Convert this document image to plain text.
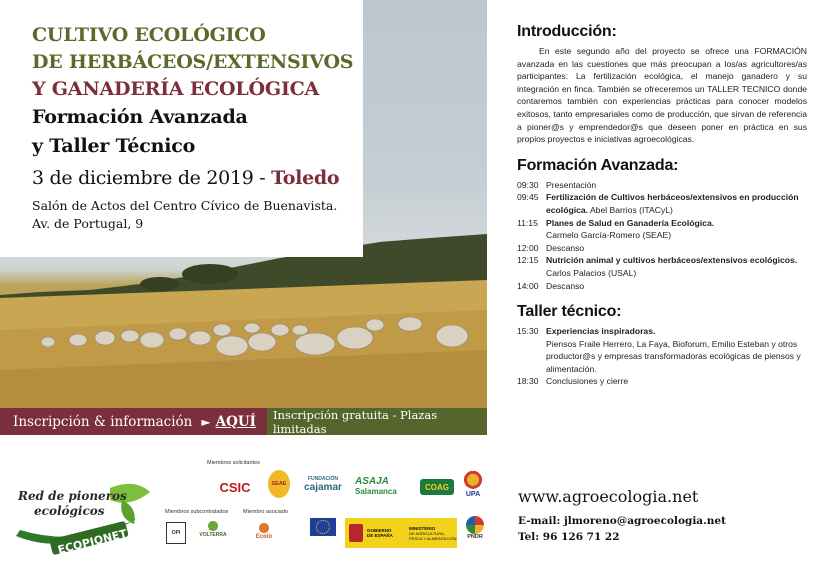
CULTIVO ECOLÓGICO
DE HERBÁCEOS/EXTENSIVOS
Y GANADERÍA ECOLÓGICA
Formación Avanzada
y Taller Técnico
3 de diciembre de 2019 - Toledo
Salón de Actos del Centro Cívico de Buenavista.
Av. de Portugal, 9
Inscripción & información ► AQUÍ Inscripción gratuita - Plazas limitadas
Introducción:

En este segundo año del proyecto se ofrece una FORMACIÓN avanzada en las cuestiones que más preocupan a los/as agricultores/as participantes: La fertilización ecológica, el manejo ganadero y su integración en finca. También se ofreceremos un TALLER TECNICO donde contaremos también con experiencias prácticas para conocer modelos exitosos, tanto empresariales como de producción, que sirvan de referencia a pioner@s y emprendedor@s que deseen poner en práctica en sus propios proyectos e iniciativas agroecológicas.

Formación Avanzada:
09:30 Presentación
09:45 Fertilización de Cultivos herbáceos/extensivos en producción ecológica. Abel Barrios (ITACyL)
11:15 Planes de Salud en Ganadería Ecológica.
Carmelo García-Romero (SEAE)
12:00 Descanso
12:15 Nutrición animal y cultivos herbáceos/extensivos ecológicos. Carlos Palacios (USAL)
14:00 Descanso
Taller técnico:
15:30 Experiencias inspiradoras.
Piensos Fraile Herrero, La Faya, Bioforum, Emilio Esteban y otros productor@s y empresas transformadoras ecológicas de piensos y alimentación.
18:30 Conclusiones y cierre
Red de pioneros
ecológicos
ECOPIONET
Miembros solicitantes
Miembros subcontratados	Miembro asociado
CSIC	SEAE
FUNDACIÓN
cajamar
ASAJA
Salamanca	COAG
UPA
OPI	VOLTERRA	Ecolo
GOBIERNO
DE ESPAÑA
MINISTERIO
DE AGRICULTURA, PESCA Y ALIMENTACIÓN	PNDR
www.agroecologia.net
E-mail: jlmoreno@agroecologia.net
Tel: 96 126 71 22
